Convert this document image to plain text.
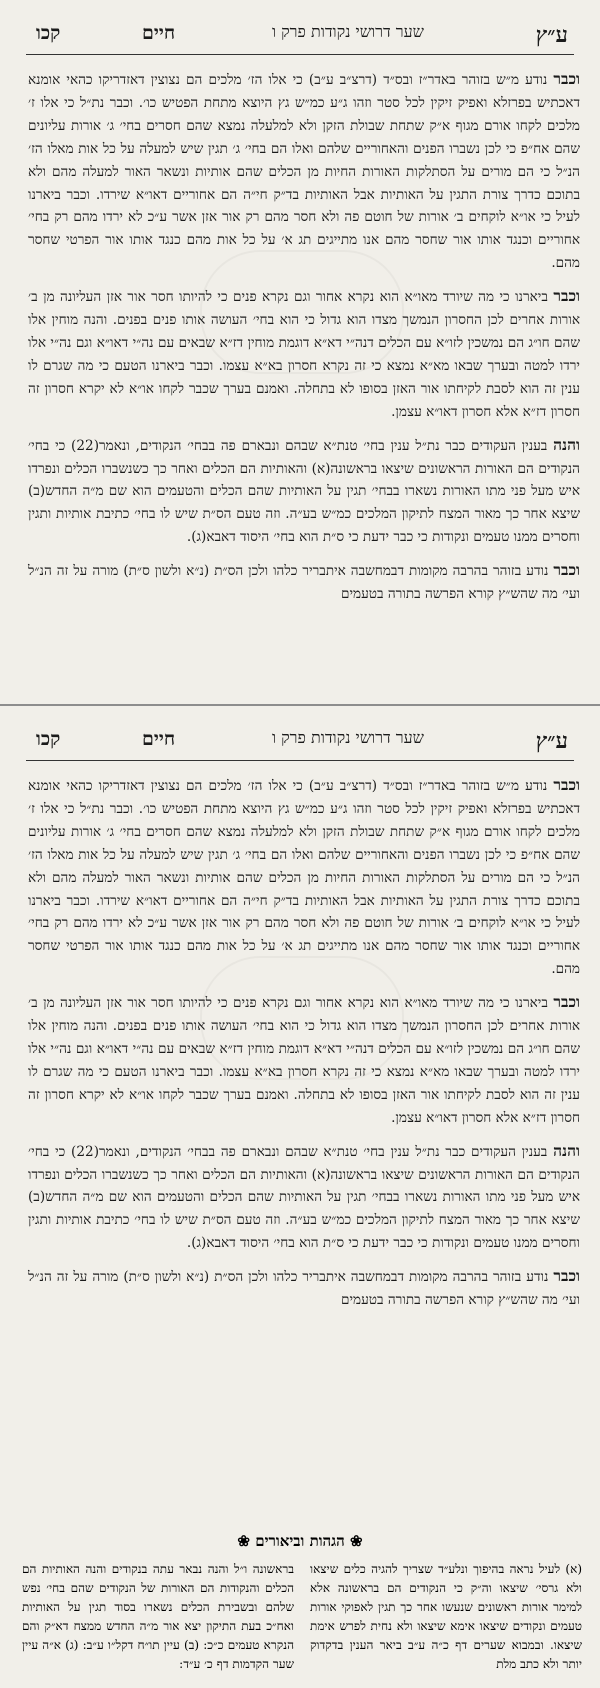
ע״ץ
שער דרושי נקודות פרק ו
חיים
קכו

וכבר נודע מ״ש בזוהר באדר״ז ובס״ד (דרצ״ב ע״ב) כי אלו הז׳ מלכים הם נצוצין דאזדריקו כהאי אומנא דאכתיש בפרזלא ואפיק זיקין לכל סטר וזהו ג״ע כמ״ש גץ היוצא מתחת הפטיש כו׳. וכבר נת״ל כי אלו ז׳ מלכים לקחו אורם מגוף א״ק שתחת שבולת הזקן ולא למלעלה נמצא שהם חסרים בחי׳ ג׳ אורות עליונים שהם אח״פ כי לכן נשברו הפנים והאחוריים שלהם ואלו הם בחי׳ ג׳ תגין שיש למעלה על כל אות מאלו הז׳ הנ״ל כי הם מורים על הסתלקות האורות החיות מן הכלים שהם אותיות ונשאר האור למעלה מהם ולא בתוכם כדרך צורת התגין על האותיות אבל האותיות בד״ק חי״ה הם אחוריים דאו״א שירדו. וכבר ביארנו לעיל כי או״א לוקחים ב׳ אורות של חוטם פה ולא חסר מהם רק אור אזן אשר ע״כ לא ירדו מהם רק בחי׳ אחוריים וכנגד אותו אור שחסר מהם אנו מתייגים תג א׳ על כל אות מהם כנגד אותו אור הפרטי שחסר מהם.

וכבר ביארנו כי מה שיורד מאו״א הוא נקרא אחור וגם נקרא פנים כי להיותו חסר אור אזן העליונה מן ב׳ אורות אחרים לכן החסרון הנמשך מצדו הוא גדול כי הוא בחי׳ העושה אותו פנים בפנים. והנה מוחין אלו שהם חו״ג הם נמשכין לזו״א עם הכלים דנה״י דא״א דוגמת מוחין דז״א שבאים עם נה״י דאו״א וגם נה״י אלו ירדו למטה ובערך שבאו מא״א נמצא כי זה נקרא חסרון בא״א עצמו. וכבר ביארנו הטעם כי מה שגרם לו ענין זה הוא לסבת לקיחתו אור האזן בסופו לא בתחלה. ואמנם בערך שכבר לקחו או״א לא יקרא חסרון זה חסרון דז״א אלא חסרון דאו״א עצמן.

והנה בענין העקודים כבר נת״ל ענין בחי׳ טנת״א שבהם ונבארם פה בבחי׳ הנקודים, ונאמר(22) כי בחי׳ הנקודים הם האורות הראשונים שיצאו בראשונה(א) והאותיות הם הכלים ואחר כך כשנשברו הכלים ונפרדו איש מעל פני מתו האורות נשארו בבחי׳ תגין על האותיות שהם הכלים והטעמים הוא שם מ״ה החדש(ב) שיצא אחר כך מאור המצח לתיקון המלכים כמ״ש בע״ה. וזה טעם הס״ת שיש לו בחי׳ כתיבת אותיות ותגין וחסרים ממנו טעמים ונקודות כי כבר ידעת כי ס״ת הוא בחי׳ היסוד דאבא(ג).

וכבר נודע בזוהר בהרבה מקומות דבמחשבה איתבריר כלהו ולכן הס״ת (נ״א ולשון ס״ת) מורה על זה הנ״ל ועי׳ מה שהש״ץ קורא הפרשה בתורה בטעמים

ע״ץ
שער דרושי נקודות פרק ו
חיים
קכו

וכבר נודע מ״ש בזוהר באדר״ז ובס״ד (דרצ״ב ע״ב) כי אלו הז׳ מלכים הם נצוצין דאזדריקו כהאי אומנא דאכתיש בפרזלא ואפיק זיקין לכל סטר וזהו ג״ע כמ״ש גץ היוצא מתחת הפטיש כו׳. וכבר נת״ל כי אלו ז׳ מלכים לקחו אורם מגוף א״ק שתחת שבולת הזקן ולא למלעלה נמצא שהם חסרים בחי׳ ג׳ אורות עליונים שהם אח״פ כי לכן נשברו הפנים והאחוריים שלהם ואלו הם בחי׳ ג׳ תגין שיש למעלה על כל אות מאלו הז׳ הנ״ל כי הם מורים על הסתלקות האורות החיות מן הכלים שהם אותיות ונשאר האור למעלה מהם ולא בתוכם כדרך צורת התגין על האותיות אבל האותיות בד״ק חי״ה הם אחוריים דאו״א שירדו. וכבר ביארנו לעיל כי או״א לוקחים ב׳ אורות של חוטם פה ולא חסר מהם רק אור אזן אשר ע״כ לא ירדו מהם רק בחי׳ אחוריים וכנגד אותו אור שחסר מהם אנו מתייגים תג א׳ על כל אות מהם כנגד אותו אור הפרטי שחסר מהם.

וכבר ביארנו כי מה שיורד מאו״א הוא נקרא אחור וגם נקרא פנים כי להיותו חסר אור אזן העליונה מן ב׳ אורות אחרים לכן החסרון הנמשך מצדו הוא גדול כי הוא בחי׳ העושה אותו פנים בפנים. והנה מוחין אלו שהם חו״ג הם נמשכין לזו״א עם הכלים דנה״י דא״א דוגמת מוחין דז״א שבאים עם נה״י דאו״א וגם נה״י אלו ירדו למטה ובערך שבאו מא״א נמצא כי זה נקרא חסרון בא״א עצמו. וכבר ביארנו הטעם כי מה שגרם לו ענין זה הוא לסבת לקיחתו אור האזן בסופו לא בתחלה. ואמנם בערך שכבר לקחו או״א לא יקרא חסרון זה חסרון דז״א אלא חסרון דאו״א עצמן.

והנה בענין העקודים כבר נת״ל ענין בחי׳ טנת״א שבהם ונבארם פה בבחי׳ הנקודים, ונאמר(22) כי בחי׳ הנקודים הם האורות הראשונים שיצאו בראשונה(א) והאותיות הם הכלים ואחר כך כשנשברו הכלים ונפרדו איש מעל פני מתו האורות נשארו בבחי׳ תגין על האותיות שהם הכלים והטעמים הוא שם מ״ה החדש(ב) שיצא אחר כך מאור המצח לתיקון המלכים כמ״ש בע״ה. וזה טעם הס״ת שיש לו בחי׳ כתיבת אותיות ותגין וחסרים ממנו טעמים ונקודות כי כבר ידעת כי ס״ת הוא בחי׳ היסוד דאבא(ג).

וכבר נודע בזוהר בהרבה מקומות דבמחשבה איתבריר כלהו ולכן הס״ת (נ״א ולשון ס״ת) מורה על זה הנ״ל ועי׳ מה שהש״ץ קורא הפרשה בתורה בטעמים

❀ הגהות וביאורים ❀
(א) לעיל נראה בהיפוך ונלע״ד שצריך להגיה כלים שיצאו ולא גרסי׳ שיצאו וה״ק כי הנקודים הם בראשונה אלא למימר אורות ראשונים שנעשו אחר כך תגין לאפוקי אורות טעמים ונקודים שיצאו אימא שיצאו ולא נחית לפרש אימת שיצאו. ובמבוא שערים דף כ״ה ע״ב ביאר הענין בדקדוק יותר ולא כתב מלת
בראשונה ו״ל והנה נבאר עתה בנקודים והנה האותיות הם הכלים והנקודות הם האורות של הנקודים שהם בחי׳ נפש שלהם ובשבירת הכלים נשארו בסוד תגין על האותיות ואח״כ בעת התיקון יצא אור מ״ה החדש ממצח דא״ק והם הנקרא טעמים כ״כ: (ב) עיין תו״ח דקל״ו ע״ב: (ג) א״ה עיין שער הקדמות דף כ׳ ע״ד:
